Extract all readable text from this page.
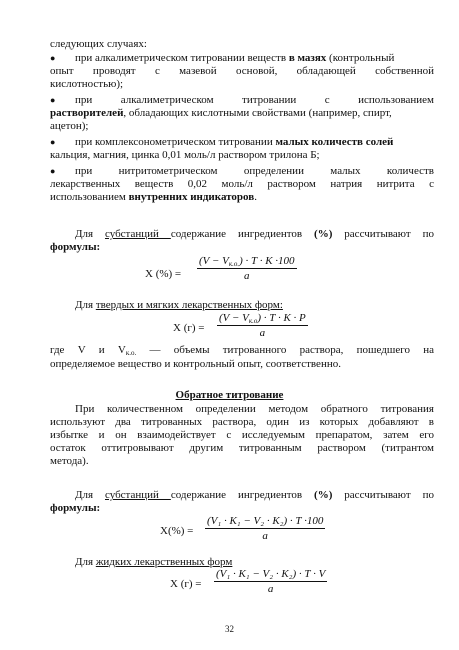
следующих случаях:
● при алкалиметрическом титровании веществ в мазях (контрольный
опыт проводят с мазевой основой, обладающей собственной
кислотностью);
● при алкалиметрическом титровании с использованием
растворителей, обладающих кислотными свойствами (например, спирт,
ацетон);
● при комплексонометрическом титровании малых количеств солей
кальция, магния, цинка 0,01 моль/л раствором трилона Б;
● при нитритометрическом определении малых количеств
лекарственных веществ 0,02 моль/л раствором натрия нитрита с
использованием внутренних индикаторов.
Для субстанций содержание ингредиентов (%) рассчитывают по
формулы:
Х (%) =
$(V - V_{к.о.}) \cdot T \cdot K \cdot 100$
a
Для твердых и мягких лекарственных форм:
Х (г) =
$(V - V_{к.о}) \cdot T \cdot K \cdot P$
a
где V и $V_{к.о.}$ — объемы титрованного раствора, пошедшего на
определяемое вещество и контрольный опыт, соответственно.
Обратное титрование
При количественном определении методом обратного титрования
используют два титрованных раствора, один из которых добавляют в
избытке и он взаимодействует с исследуемым препаратом, затем его
остаток оттитровывают другим титрованным раствором (титрантом
метода).
Для субстанций содержание ингредиентов (%) рассчитывают по
формулы:
$Х(\%) = \frac{\text{(V₁ · K₁ − V₂ · K₂) · T ·100}}{a}$
Для жидких лекарственных форм
Х $(г) = \frac{\text{(V₁ · K₁ − V₂ · K₂) · T · V}}{a}$
32
